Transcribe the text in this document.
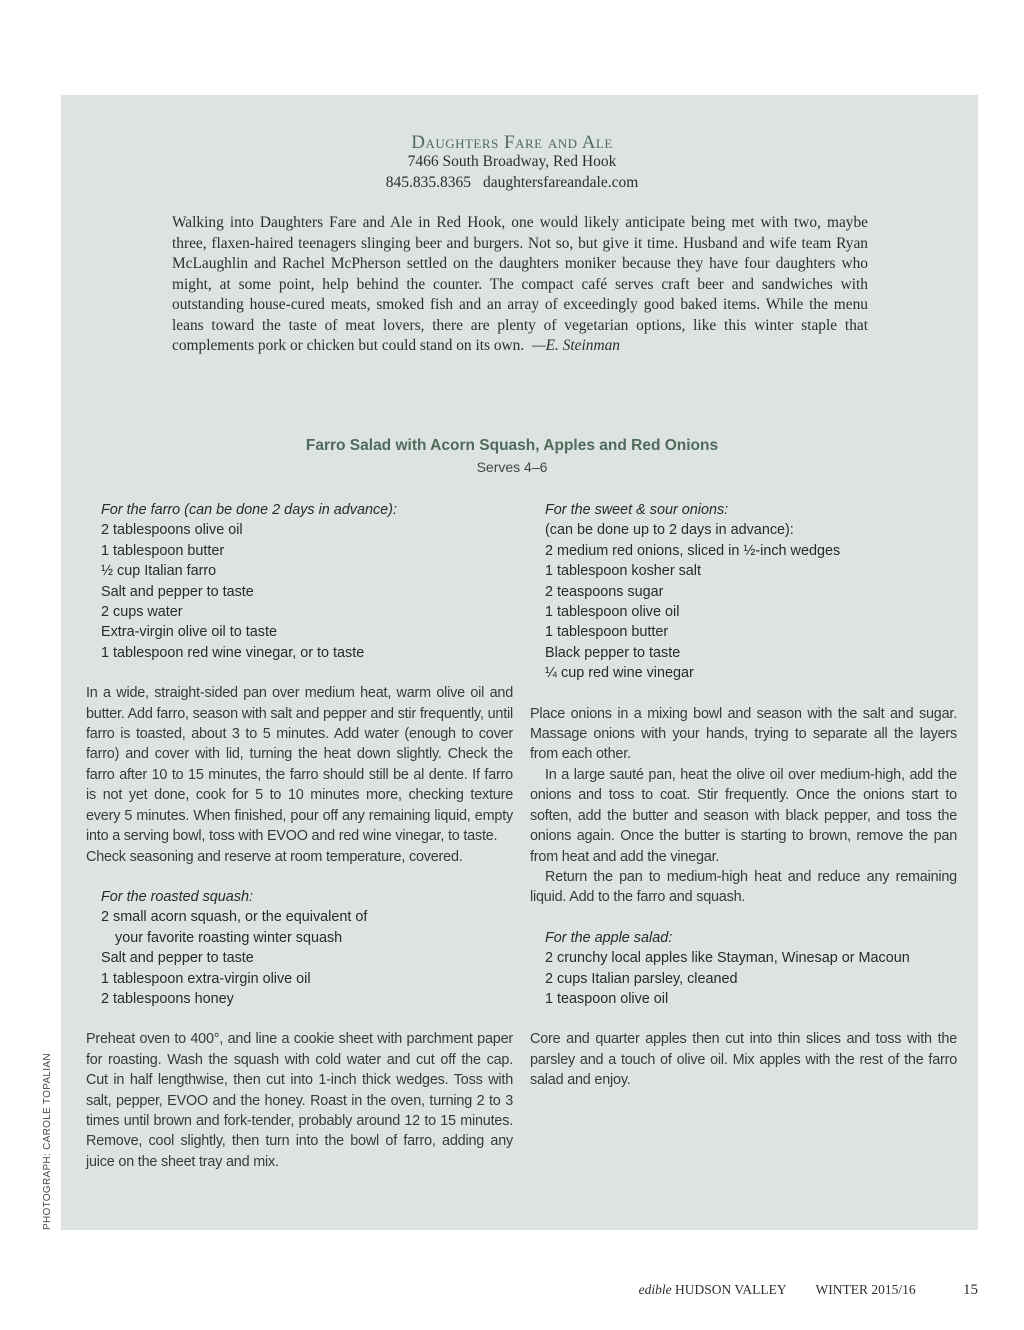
PHOTOGRAPH: CAROLE TOPALIAN
Daughters Fare and Ale
7466 South Broadway, Red Hook
845.835.8365 daughtersfareandale.com
Walking into Daughters Fare and Ale in Red Hook, one would likely anticipate being met with two, maybe three, flaxen-haired teenagers slinging beer and burgers. Not so, but give it time. Husband and wife team Ryan McLaughlin and Rachel McPherson settled on the daughters moniker because they have four daughters who might, at some point, help behind the counter. The compact café serves craft beer and sandwiches with outstanding house-cured meats, smoked fish and an array of exceedingly good baked items. While the menu leans toward the taste of meat lovers, there are plenty of vegetarian options, like this winter staple that complements pork or chicken but could stand on its own. —E. Steinman
Farro Salad with Acorn Squash, Apples and Red Onions
Serves 4–6
For the farro (can be done 2 days in advance):
2 tablespoons olive oil
1 tablespoon butter
½ cup Italian farro
Salt and pepper to taste
2 cups water
Extra-virgin olive oil to taste
1 tablespoon red wine vinegar, or to taste

In a wide, straight-sided pan over medium heat, warm olive oil and butter. Add farro, season with salt and pepper and stir frequently, until farro is toasted, about 3 to 5 minutes. Add water (enough to cover farro) and cover with lid, turning the heat down slightly. Check the farro after 10 to 15 minutes, the farro should still be al dente. If farro is not yet done, cook for 5 to 10 minutes more, checking texture every 5 minutes. When finished, pour off any remaining liquid, empty into a serving bowl, toss with EVOO and red wine vinegar, to taste.

Check seasoning and reserve at room temperature, covered.

For the roasted squash:
2 small acorn squash, or the equivalent of
your favorite roasting winter squash
Salt and pepper to taste
1 tablespoon extra-virgin olive oil
2 tablespoons honey

Preheat oven to 400°, and line a cookie sheet with parchment paper for roasting. Wash the squash with cold water and cut off the cap. Cut in half lengthwise, then cut into 1-inch thick wedges. Toss with salt, pepper, EVOO and the honey. Roast in the oven, turning 2 to 3 times until brown and fork-tender, probably around 12 to 15 minutes. Remove, cool slightly, then turn into the bowl of farro, adding any juice on the sheet tray and mix.

For the sweet & sour onions:
(can be done up to 2 days in advance):
2 medium red onions, sliced in ½-inch wedges
1 tablespoon kosher salt
2 teaspoons sugar
1 tablespoon olive oil
1 tablespoon butter
Black pepper to taste
¼ cup red wine vinegar

Place onions in a mixing bowl and season with the salt and sugar. Massage onions with your hands, trying to separate all the layers from each other.

In a large sauté pan, heat the olive oil over medium-high, add the onions and toss to coat. Stir frequently. Once the onions start to soften, add the butter and season with black pepper, and toss the onions again. Once the butter is starting to brown, remove the pan from heat and add the vinegar.

Return the pan to medium-high heat and reduce any remaining liquid. Add to the farro and squash.

For the apple salad:
2 crunchy local apples like Stayman, Winesap or Macoun
2 cups Italian parsley, cleaned
1 teaspoon olive oil

Core and quarter apples then cut into thin slices and toss with the parsley and a touch of olive oil. Mix apples with the rest of the farro salad and enjoy.

edible HUDSON VALLEY WINTER 2015/16	15
